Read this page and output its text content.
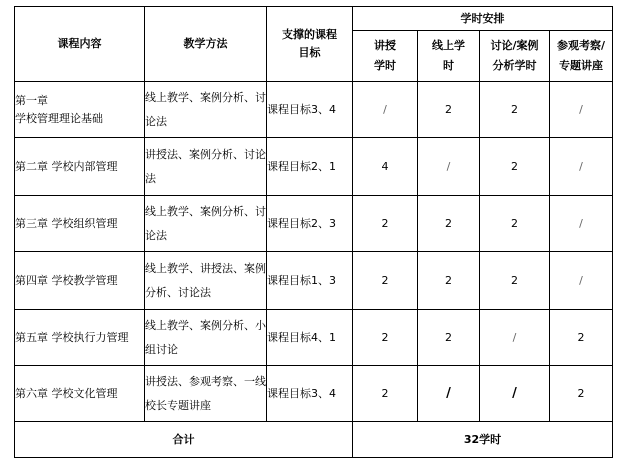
课程内容	教学方法	支撑的课程目标	学时安排			
			讲授学时	线上学时	讨论/案例分析学时	参观考察/专题讲座
第一章
学校管理理论基础	线上教学、案例分析、讨论法	课程目标3、4	/	2	2	/
第二章 学校内部管理	讲授法、案例分析、讨论法	课程目标2、1	4	/	2	/
第三章 学校组织管理	线上教学、案例分析、讨论法	课程目标2、3	2	2	2	/
第四章 学校教学管理	线上教学、讲授法、案例分析、讨论法	课程目标1、3	2	2	2	/
第五章 学校执行力管理	线上教学、案例分析、小组讨论	课程目标4、1	2	2	/	2
第六章 学校文化管理	讲授法、参观考察、一线校长专题讲座	课程目标3、4	2	/	/	2
合计			32学时			
